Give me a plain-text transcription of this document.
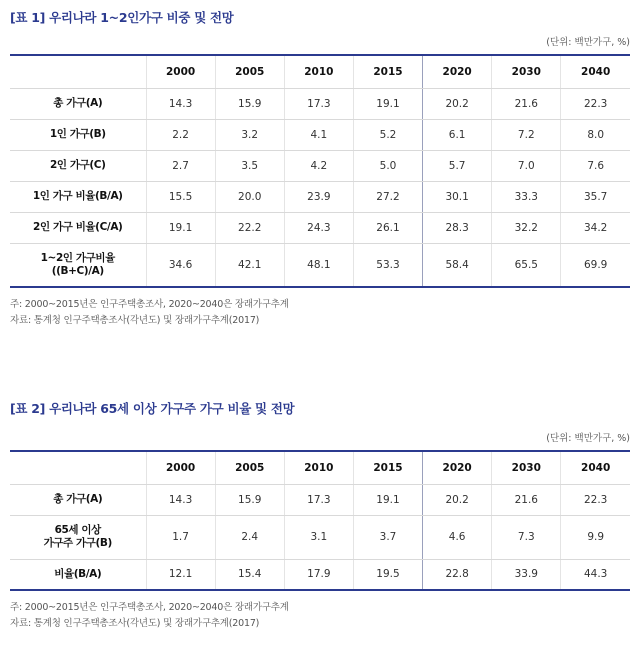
[표 1] 우리나라 1~2인가구 비중 및 전망
(단위: 백만가구, %)
	2000	2005	2010	2015	2020	2030	2040
총 가구(A)	14.3	15.9	17.3	19.1	20.2	21.6	22.3
1인 가구(B)	2.2	3.2	4.1	5.2	6.1	7.2	8.0
2인 가구(C)	2.7	3.5	4.2	5.0	5.7	7.0	7.6
1인 가구 비율(B/A)	15.5	20.0	23.9	27.2	30.1	33.3	35.7
2인 가구 비율(C/A)	19.1	22.2	24.3	26.1	28.3	32.2	34.2
1~2인 가구비율
((B+C)/A)	34.6	42.1	48.1	53.3	58.4	65.5	69.9
주: 2000~2015년은 인구주택총조사, 2020~2040은 장래가구추계
자료: 통계청 인구주택총조사(각년도) 및 장래가구추계(2017)
[표 2] 우리나라 65세 이상 가구주 가구 비율 및 전망
(단위: 백만가구, %)
	2000	2005	2010	2015	2020	2030	2040
총 가구(A)	14.3	15.9	17.3	19.1	20.2	21.6	22.3
65세 이상
가구주 가구(B)	1.7	2.4	3.1	3.7	4.6	7.3	9.9
비율(B/A)	12.1	15.4	17.9	19.5	22.8	33.9	44.3
주: 2000~2015년은 인구주택총조사, 2020~2040은 장래가구추계
자료: 통계청 인구주택총조사(각년도) 및 장래가구추계(2017)
